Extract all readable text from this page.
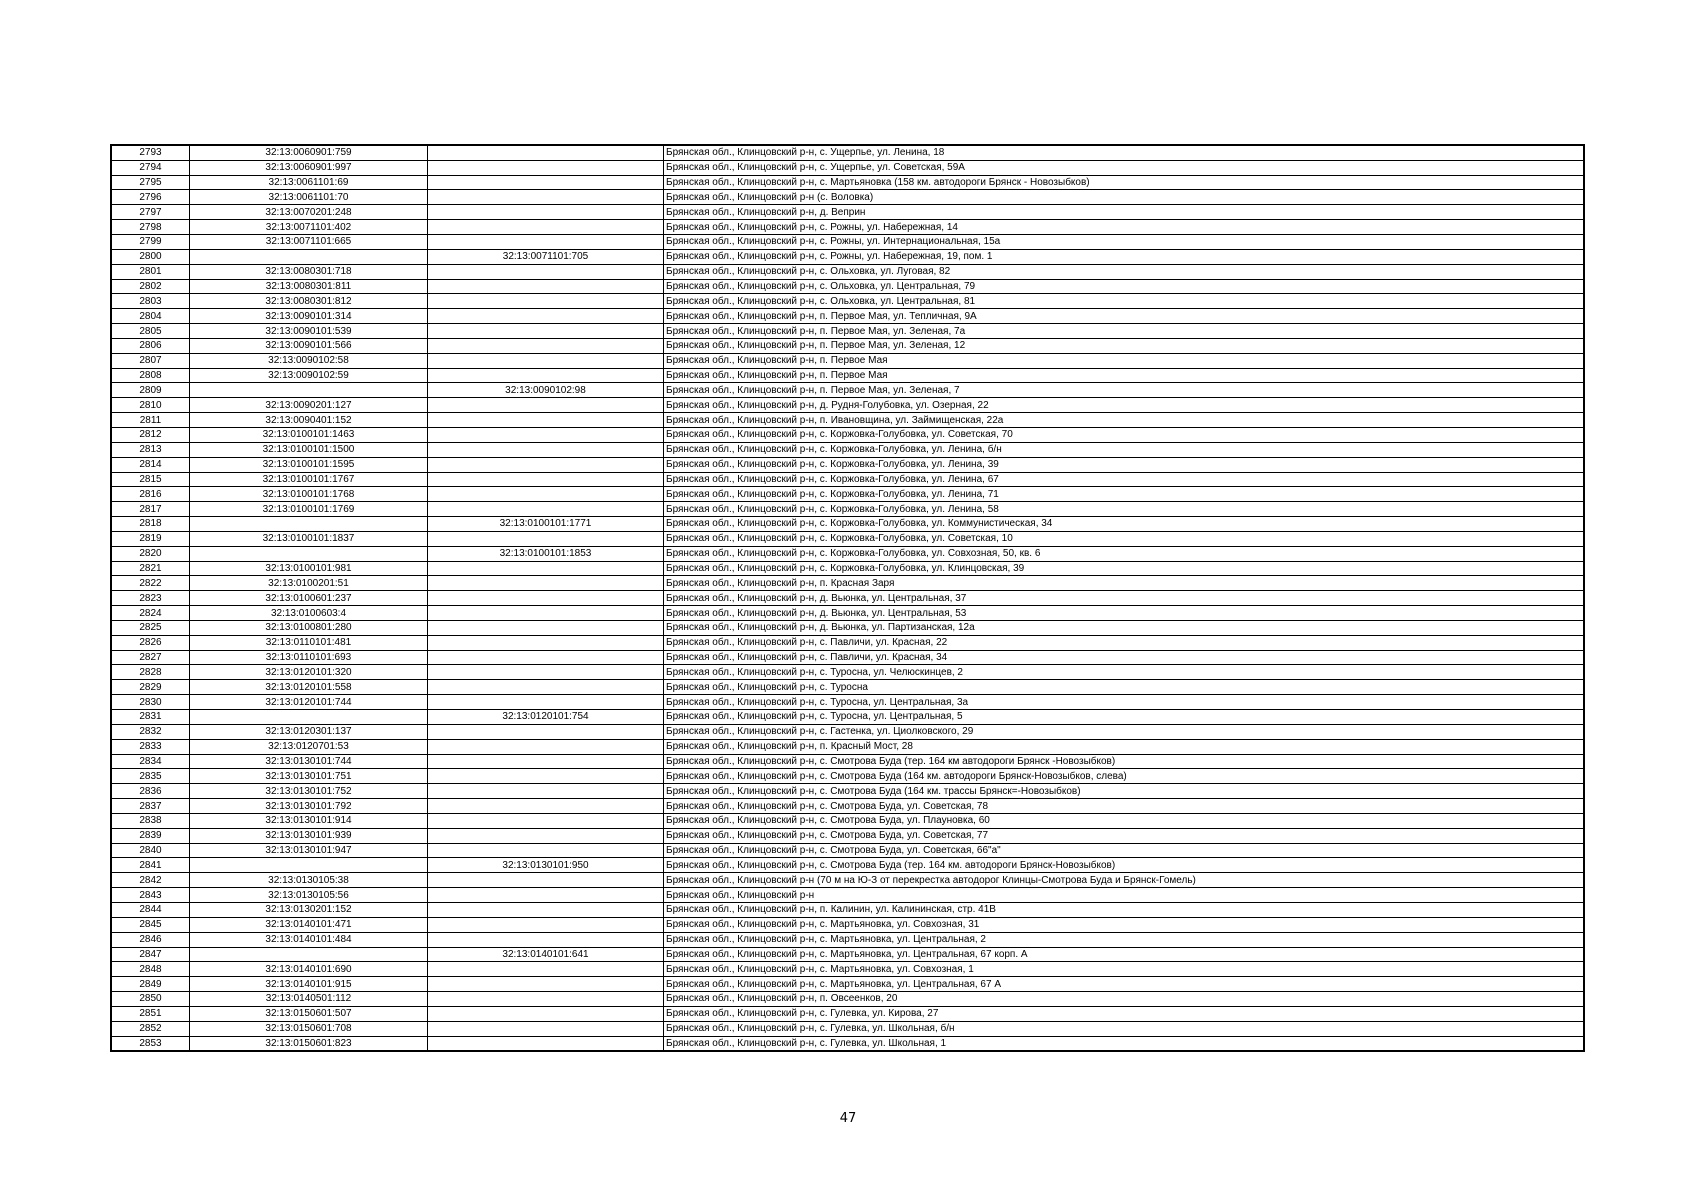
2793	32:13:0060901:759		Брянская обл., Клинцовский р-н, с. Ущерпье, ул. Ленина, 18
2794	32:13:0060901:997		Брянская обл., Клинцовский р-н, с. Ущерпье, ул. Советская, 59А
2795	32:13:0061101:69		Брянская обл., Клинцовский р-н, с. Мартьяновка (158 км. автодороги Брянск - Новозыбков)
2796	32:13:0061101:70		Брянская обл., Клинцовский р-н (с. Воловка)
2797	32:13:0070201:248		Брянская обл., Клинцовский р-н, д. Веприн
2798	32:13:0071101:402		Брянская обл., Клинцовский р-н, с. Рожны, ул. Набережная, 14
2799	32:13:0071101:665		Брянская обл., Клинцовский р-н, с. Рожны, ул. Интернациональная, 15а
2800		32:13:0071101:705	Брянская обл., Клинцовский р-н, с. Рожны, ул. Набережная, 19, пом. 1
2801	32:13:0080301:718		Брянская обл., Клинцовский р-н, с. Ольховка, ул. Луговая, 82
2802	32:13:0080301:811		Брянская обл., Клинцовский р-н, с. Ольховка, ул. Центральная, 79
2803	32:13:0080301:812		Брянская обл., Клинцовский р-н, с. Ольховка, ул. Центральная, 81
2804	32:13:0090101:314		Брянская обл., Клинцовский р-н, п. Первое Мая, ул. Тепличная, 9А
2805	32:13:0090101:539		Брянская обл., Клинцовский р-н, п. Первое Мая, ул. Зеленая, 7а
2806	32:13:0090101:566		Брянская обл., Клинцовский р-н, п. Первое Мая, ул. Зеленая, 12
2807	32:13:0090102:58		Брянская обл., Клинцовский р-н, п. Первое Мая
2808	32:13:0090102:59		Брянская обл., Клинцовский р-н, п. Первое Мая
2809		32:13:0090102:98	Брянская обл., Клинцовский р-н, п. Первое Мая, ул. Зеленая, 7
2810	32:13:0090201:127		Брянская обл., Клинцовский р-н, д. Рудня-Голубовка, ул. Озерная, 22
2811	32:13:0090401:152		Брянская обл., Клинцовский р-н, п. Ивановщина, ул. Займищенская, 22а
2812	32:13:0100101:1463		Брянская обл., Клинцовский р-н, с. Коржовка-Голубовка, ул. Советская, 70
2813	32:13:0100101:1500		Брянская обл., Клинцовский р-н, с. Коржовка-Голубовка, ул. Ленина, б/н
2814	32:13:0100101:1595		Брянская обл., Клинцовский р-н, с. Коржовка-Голубовка, ул. Ленина, 39
2815	32:13:0100101:1767		Брянская обл., Клинцовский р-н, с. Коржовка-Голубовка, ул. Ленина, 67
2816	32:13:0100101:1768		Брянская обл., Клинцовский р-н, с. Коржовка-Голубовка, ул. Ленина, 71
2817	32:13:0100101:1769		Брянская обл., Клинцовский р-н, с. Коржовка-Голубовка, ул. Ленина, 58
2818		32:13:0100101:1771	Брянская обл., Клинцовский р-н, с. Коржовка-Голубовка, ул. Коммунистическая, 34
2819	32:13:0100101:1837		Брянская обл., Клинцовский р-н, с. Коржовка-Голубовка, ул. Советская, 10
2820		32:13:0100101:1853	Брянская обл., Клинцовский р-н, с. Коржовка-Голубовка, ул. Совхозная, 50, кв. 6
2821	32:13:0100101:981		Брянская обл., Клинцовский р-н, с. Коржовка-Голубовка, ул. Клинцовская, 39
2822	32:13:0100201:51		Брянская обл., Клинцовский р-н, п. Красная Заря
2823	32:13:0100601:237		Брянская обл., Клинцовский р-н, д. Вьюнка, ул. Центральная, 37
2824	32:13:0100603:4		Брянская обл., Клинцовский р-н, д. Вьюнка, ул. Центральная, 53
2825	32:13:0100801:280		Брянская обл., Клинцовский р-н, д. Вьюнка, ул. Партизанская, 12а
2826	32:13:0110101:481		Брянская обл., Клинцовский р-н, с. Павличи, ул. Красная, 22
2827	32:13:0110101:693		Брянская обл., Клинцовский р-н, с. Павличи, ул. Красная, 34
2828	32:13:0120101:320		Брянская обл., Клинцовский р-н, с. Туросна, ул. Челюскинцев, 2
2829	32:13:0120101:558		Брянская обл., Клинцовский р-н, с. Туросна
2830	32:13:0120101:744		Брянская обл., Клинцовский р-н, с. Туросна, ул. Центральная, 3а
2831		32:13:0120101:754	Брянская обл., Клинцовский р-н, с. Туросна, ул. Центральная, 5
2832	32:13:0120301:137		Брянская обл., Клинцовский р-н, с. Гастенка, ул. Циолковского, 29
2833	32:13:0120701:53		Брянская обл., Клинцовский р-н, п. Красный Мост, 28
2834	32:13:0130101:744		Брянская обл., Клинцовский р-н, с. Смотрова Буда (тер. 164 км автодороги Брянск -Новозыбков)
2835	32:13:0130101:751		Брянская обл., Клинцовский р-н, с. Смотрова Буда (164 км. автодороги Брянск-Новозыбков, слева)
2836	32:13:0130101:752		Брянская обл., Клинцовский р-н, с. Смотрова Буда (164 км. трассы Брянск=-Новозыбков)
2837	32:13:0130101:792		Брянская обл., Клинцовский р-н, с. Смотрова Буда, ул. Советская, 78
2838	32:13:0130101:914		Брянская обл., Клинцовский р-н, с. Смотрова Буда, ул. Плауновка, 60
2839	32:13:0130101:939		Брянская обл., Клинцовский р-н, с. Смотрова Буда, ул. Советская, 77
2840	32:13:0130101:947		Брянская обл., Клинцовский р-н, с. Смотрова Буда, ул. Советская, 66"а"
2841		32:13:0130101:950	Брянская обл., Клинцовский р-н, с. Смотрова Буда (тер. 164 км. автодороги Брянск-Новозыбков)
2842	32:13:0130105:38		Брянская обл., Клинцовский р-н (70 м на Ю-З от перекрестка автодорог Клинцы-Смотрова Буда и Брянск-Гомель)
2843	32:13:0130105:56		Брянская обл., Клинцовский р-н
2844	32:13:0130201:152		Брянская обл., Клинцовский р-н, п. Калинин, ул. Калининская, стр. 41В
2845	32:13:0140101:471		Брянская обл., Клинцовский р-н, с. Мартьяновка, ул. Совхозная, 31
2846	32:13:0140101:484		Брянская обл., Клинцовский р-н, с. Мартьяновка, ул. Центральная, 2
2847		32:13:0140101:641	Брянская обл., Клинцовский р-н, с. Мартьяновка, ул. Центральная, 67 корп. А
2848	32:13:0140101:690		Брянская обл., Клинцовский р-н, с. Мартьяновка, ул. Совхозная, 1
2849	32:13:0140101:915		Брянская обл., Клинцовский р-н, с. Мартьяновка, ул. Центральная, 67 А
2850	32:13:0140501:112		Брянская обл., Клинцовский р-н, п. Овсеенков, 20
2851	32:13:0150601:507		Брянская обл., Клинцовский р-н, с. Гулевка, ул. Кирова, 27
2852	32:13:0150601:708		Брянская обл., Клинцовский р-н, с. Гулевка, ул. Школьная, б/н
2853	32:13:0150601:823		Брянская обл., Клинцовский р-н, с. Гулевка, ул. Школьная, 1
47
